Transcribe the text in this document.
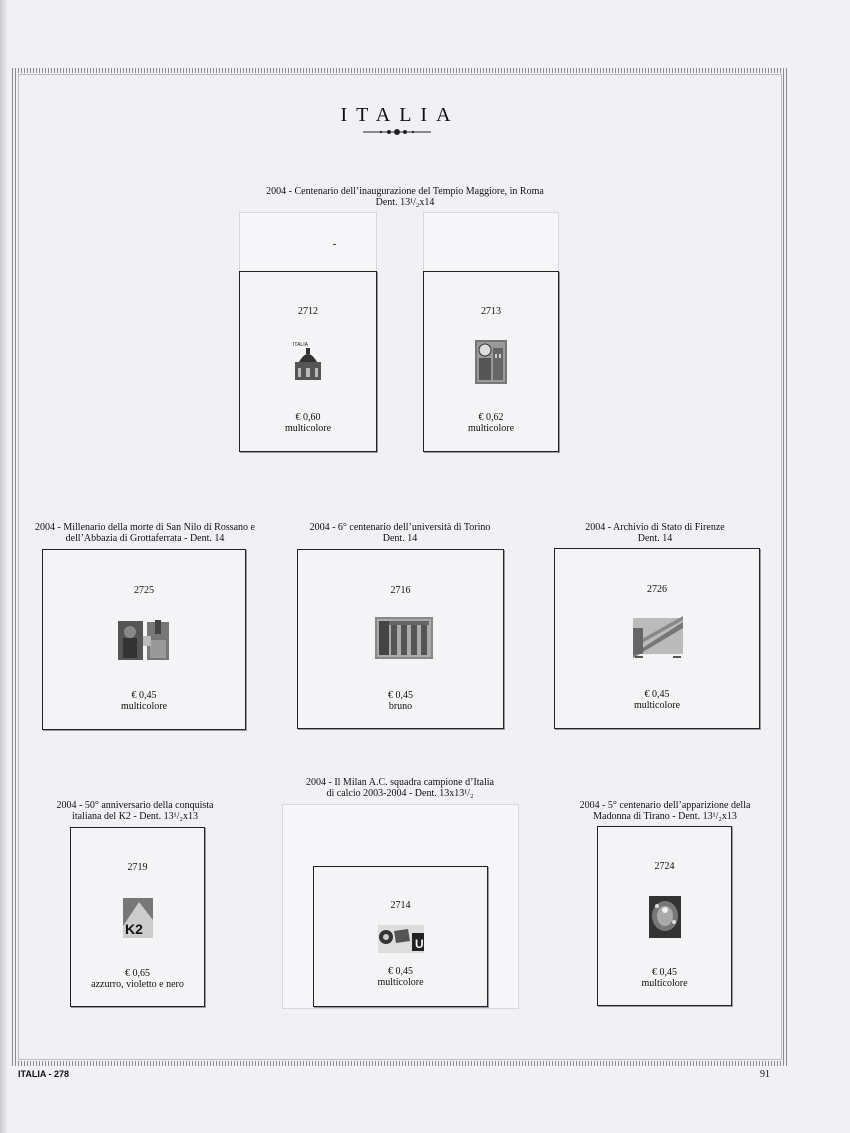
ITALIA
2004 - Centenario dell’inaugurazione del Tempio Maggiore, in Roma
Dent. 13¹/₂x14
2712
ITALIA
€ 0,60
multicolore
2713
€ 0,62
multicolore
2004 - Millenario della morte di San Nilo di Rossano e
dell’Abbazia di Grottaferrata - Dent. 14
2725
€ 0,45
multicolore
2004 - 6° centenario dell’università di Torino
Dent. 14
2716
€ 0,45
bruno
2004 - Archivio di Stato di Firenze
Dent. 14
2726
€ 0,45
multicolore
2004 - 50° anniversario della conquista
italiana del K2 - Dent. 13¹/₂x13
2719
K2
€ 0,65
azzurro, violetto e nero
2004 - Il Milan A.C. squadra campione d’Italia
di calcio 2003-2004 - Dent. 13x13¹/₂
2714
U
€ 0,45
multicolore
2004 - 5° centenario dell’apparizione della
Madonna di Tirano - Dent. 13¹/₂x13
2724
€ 0,45
multicolore
ITALIA - 278	91
